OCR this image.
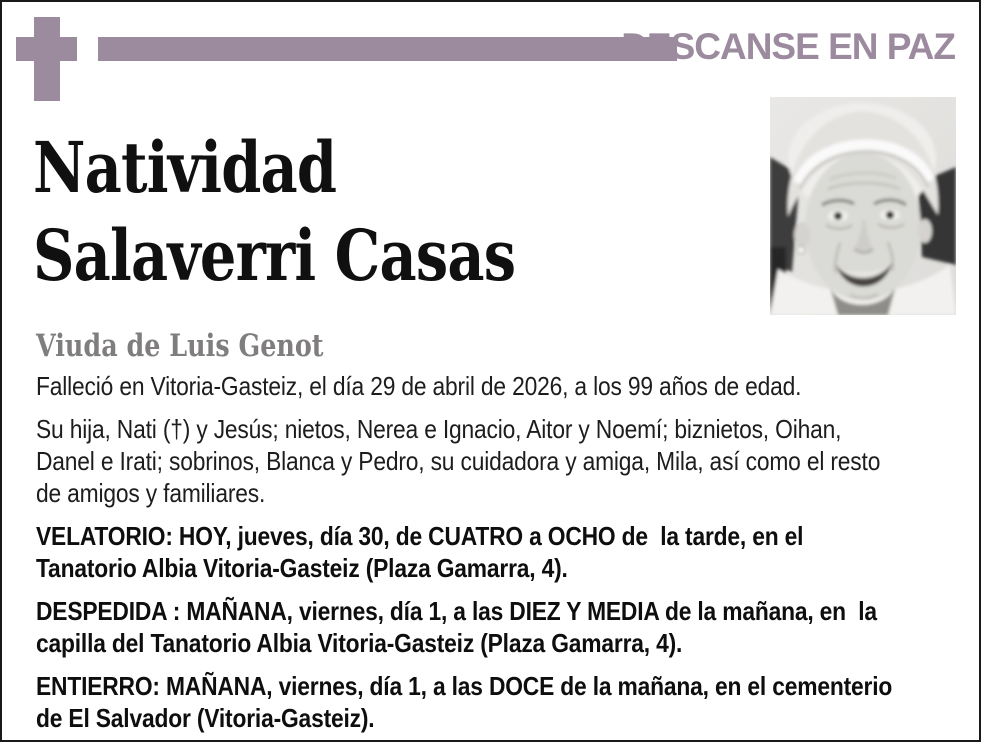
DESCANSE EN PAZ
Natividad
Salaverri Casas
Viuda de Luis Genot

Falleció en Vitoria-Gasteiz, el día 29 de abril de 2026, a los 99 años de edad.

Su hija, Nati (†) y Jesús; nietos, Nerea e Ignacio, Aitor y Noemí; biznietos, Oihan, Danel e Irati; sobrinos, Blanca y Pedro, su cuidadora y amiga, Mila, así como el resto de amigos y familiares.

VELATORIO: HOY, jueves, día 30, de CUATRO a OCHO de  la tarde, en el Tanatorio Albia Vitoria-Gasteiz (Plaza Gamarra, 4).

DESPEDIDA : MAÑANA, viernes, día 1, a las DIEZ Y MEDIA de la mañana, en  la capilla del Tanatorio Albia Vitoria-Gasteiz (Plaza Gamarra, 4).

ENTIERRO: MAÑANA, viernes, día 1, a las DOCE de la mañana, en el cementerio de El Salvador (Vitoria-Gasteiz).
